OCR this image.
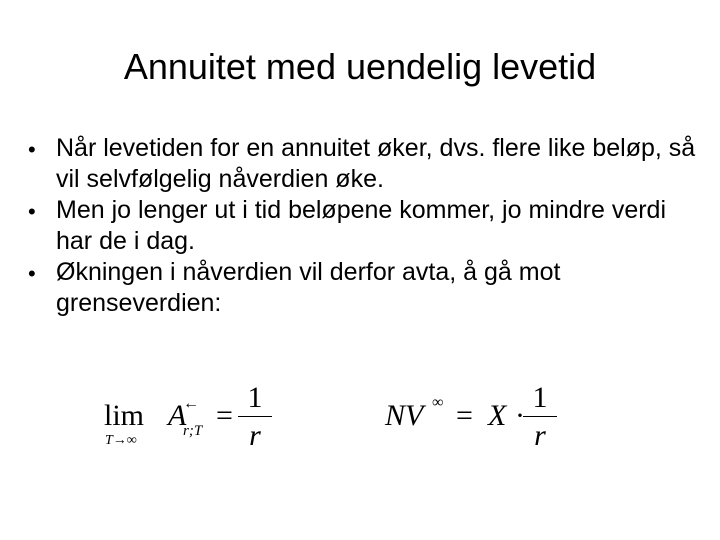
Annuitet med uendelig levetid
• Når levetiden for en annuitet øker, dvs. flere like beløp, så vil selvfølgelig nåverdien øke.
• Men jo lenger ut i tid beløpene kommer, jo mindre verdi har de i dag.
• Økningen i nåverdien vil derfor avta, å gå mot grenseverdien:
lim
T→∞
A
←
r;T =
1
r
NV ∞ = X ·
1
r
